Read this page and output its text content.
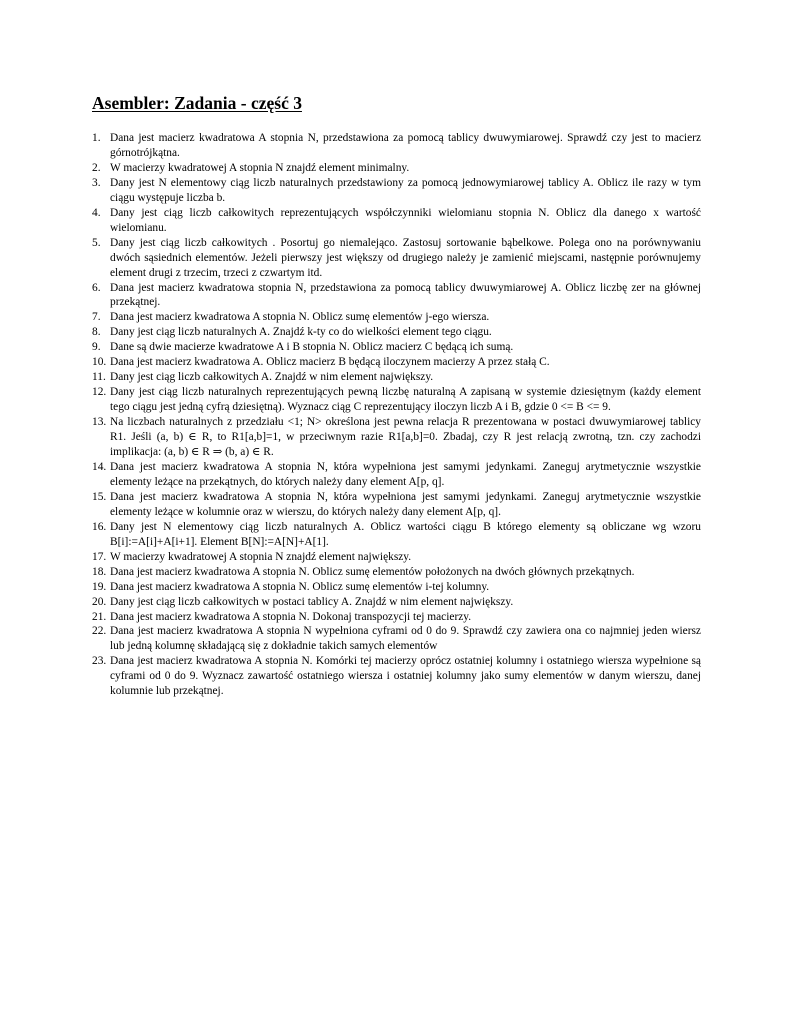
Asembler: Zadania - część 3
1. Dana jest macierz kwadratowa A stopnia N, przedstawiona za pomocą tablicy dwuwymiarowej. Sprawdź czy jest to macierz górnotrójkątna.
2. W macierzy kwadratowej A stopnia N znajdź element minimalny.
3. Dany jest N elementowy ciąg liczb naturalnych przedstawiony za pomocą jednowymiarowej tablicy A. Oblicz ile razy w tym ciągu występuje liczba b.
4. Dany jest ciąg liczb całkowitych reprezentujących współczynniki wielomianu stopnia N. Oblicz dla danego x wartość wielomianu.
5. Dany jest ciąg liczb całkowitych . Posortuj go niemalejąco. Zastosuj sortowanie bąbelkowe. Polega ono na porównywaniu dwóch sąsiednich elementów. Jeżeli pierwszy jest większy od drugiego należy je zamienić miejscami, następnie porównujemy element drugi z trzecim, trzeci z czwartym itd.
6. Dana jest macierz kwadratowa stopnia N, przedstawiona za pomocą tablicy dwuwymiarowej A. Oblicz liczbę zer na głównej przekątnej.
7. Dana jest macierz kwadratowa A stopnia N. Oblicz sumę elementów j-ego wiersza.
8. Dany jest ciąg liczb naturalnych A. Znajdź k-ty co do wielkości element tego ciągu.
9. Dane są dwie macierze kwadratowe A i B stopnia N. Oblicz macierz C będącą ich sumą.
10. Dana jest macierz kwadratowa A. Oblicz macierz B będącą iloczynem macierzy A przez stałą C.
11. Dany jest ciąg liczb całkowitych A. Znajdź w nim element największy.
12. Dany jest ciąg liczb naturalnych reprezentujących pewną liczbę naturalną A zapisaną w systemie dziesiętnym (każdy element tego ciągu jest jedną cyfrą dziesiętną). Wyznacz ciąg C reprezentujący iloczyn liczb A i B, gdzie 0 <= B <= 9.
13. Na liczbach naturalnych z przedziału <1; N> określona jest pewna relacja R prezentowana w postaci dwuwymiarowej tablicy R1. Jeśli (a, b) ∈ R, to R1[a,b]=1, w przeciwnym razie R1[a,b]=0. Zbadaj, czy R jest relacją zwrotną, tzn. czy zachodzi implikacja: (a, b) ∈ R ⇒ (b, a) ∈ R.
14. Dana jest macierz kwadratowa A stopnia N, która wypełniona jest samymi jedynkami. Zaneguj arytmetycznie wszystkie elementy leżące na przekątnych, do których należy dany element A[p, q].
15. Dana jest macierz kwadratowa A stopnia N, która wypełniona jest samymi jedynkami. Zaneguj arytmetycznie wszystkie elementy leżące w kolumnie oraz w wierszu, do których należy dany element A[p, q].
16. Dany jest N elementowy ciąg liczb naturalnych A. Oblicz wartości ciągu B którego elementy są obliczane wg wzoru B[i]:=A[i]+A[i+1]. Element B[N]:=A[N]+A[1].
17. W macierzy kwadratowej A stopnia N znajdź element największy.
18. Dana jest macierz kwadratowa A stopnia N. Oblicz sumę elementów położonych na dwóch głównych przekątnych.
19. Dana jest macierz kwadratowa A stopnia N. Oblicz sumę elementów i-tej kolumny.
20. Dany jest ciąg liczb całkowitych w postaci tablicy A. Znajdź w nim element największy.
21. Dana jest macierz kwadratowa A stopnia N. Dokonaj transpozycji tej macierzy.
22. Dana jest macierz kwadratowa A stopnia N wypełniona cyframi od 0 do 9. Sprawdź czy zawiera ona co najmniej jeden wiersz lub jedną kolumnę składającą się z dokładnie takich samych elementów
23. Dana jest macierz kwadratowa A stopnia N. Komórki tej macierzy oprócz ostatniej kolumny i ostatniego wiersza wypełnione są cyframi od 0 do 9. Wyznacz zawartość ostatniego wiersza i ostatniej kolumny jako sumy elementów w danym wierszu, danej kolumnie lub przekątnej.
